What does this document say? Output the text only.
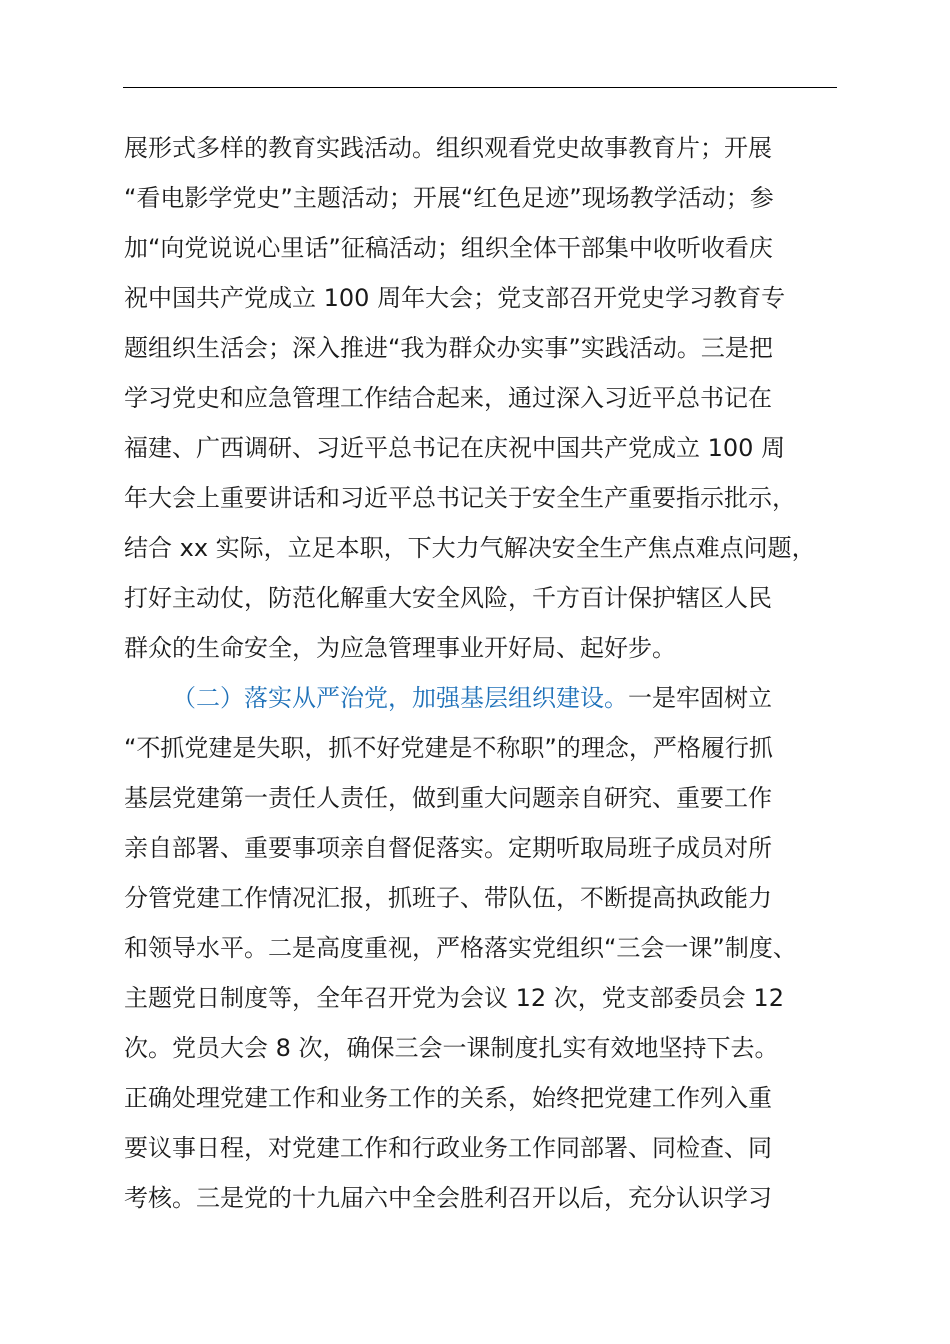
展形式多样的教育实践活动。组织观看党史故事教育片；开展
“看电影学党史”主题活动；开展“红色足迹”现场教学活动；参
加“向党说说心里话”征稿活动；组织全体干部集中收听收看庆
祝中国共产党成立 100 周年大会；党支部召开党史学习教育专
题组织生活会；深入推进“我为群众办实事”实践活动。三是把
学习党史和应急管理工作结合起来，通过深入习近平总书记在
福建、广西调研、习近平总书记在庆祝中国共产党成立 100 周
年大会上重要讲话和习近平总书记关于安全生产重要指示批示，
结合 xx 实际，立足本职，下大力气解决安全生产焦点难点问题，
打好主动仗，防范化解重大安全风险，千方百计保护辖区人民
群众的生命安全，为应急管理事业开好局、起好步。
（二）落实从严治党，加强基层组织建设。一是牢固树立
“不抓党建是失职，抓不好党建是不称职”的理念，严格履行抓
基层党建第一责任人责任，做到重大问题亲自研究、重要工作
亲自部署、重要事项亲自督促落实。定期听取局班子成员对所
分管党建工作情况汇报，抓班子、带队伍，不断提高执政能力
和领导水平。二是高度重视，严格落实党组织“三会一课”制度、
主题党日制度等，全年召开党为会议 12 次，党支部委员会 12
次。党员大会 8 次，确保三会一课制度扎实有效地坚持下去。
正确处理党建工作和业务工作的关系，始终把党建工作列入重
要议事日程，对党建工作和行政业务工作同部署、同检查、同
考核。三是党的十九届六中全会胜利召开以后，充分认识学习
